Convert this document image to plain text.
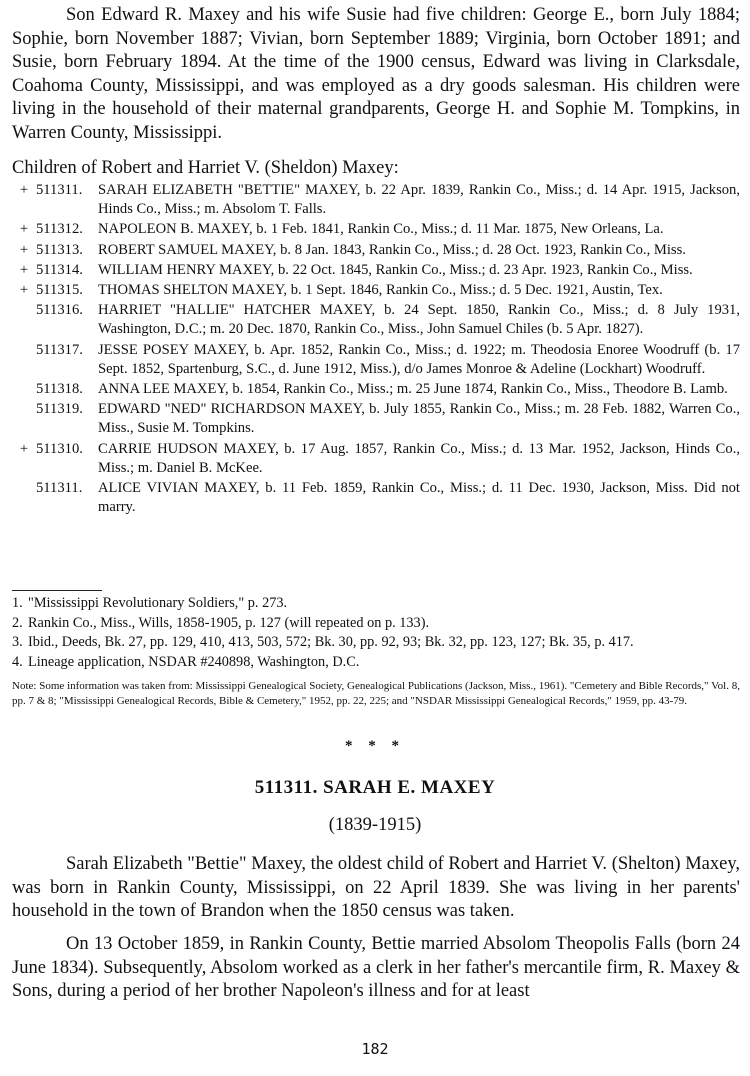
Son Edward R. Maxey and his wife Susie had five children: George E., born July 1884; Sophie, born November 1887; Vivian, born September 1889; Virginia, born October 1891; and Susie, born February 1894. At the time of the 1900 census, Edward was living in Clarksdale, Coahoma County, Mississippi, and was employed as a dry goods salesman. His children were living in the household of their maternal grandparents, George H. and Sophie M. Tompkins, in Warren County, Mississippi.

Children of Robert and Harriet V. (Sheldon) Maxey:

+ 511311.	SARAH ELIZABETH "BETTIE" MAXEY, b. 22 Apr. 1839, Rankin Co., Miss.; d. 14 Apr. 1915, Jackson, Hinds Co., Miss.; m. Absolom T. Falls.
+ 511312.	NAPOLEON B. MAXEY, b. 1 Feb. 1841, Rankin Co., Miss.; d. 11 Mar. 1875, New Orleans, La.
+ 511313.	ROBERT SAMUEL MAXEY, b. 8 Jan. 1843, Rankin Co., Miss.; d. 28 Oct. 1923, Rankin Co., Miss.
+ 511314.	WILLIAM HENRY MAXEY, b. 22 Oct. 1845, Rankin Co., Miss.; d. 23 Apr. 1923, Rankin Co., Miss.
+ 511315.	THOMAS SHELTON MAXEY, b. 1 Sept. 1846, Rankin Co., Miss.; d. 5 Dec. 1921, Austin, Tex.
511316.	HARRIET "HALLIE" HATCHER MAXEY, b. 24 Sept. 1850, Rankin Co., Miss.; d. 8 July 1931, Washington, D.C.; m. 20 Dec. 1870, Rankin Co., Miss., John Samuel Chiles (b. 5 Apr. 1827).
511317.	JESSE POSEY MAXEY, b. Apr. 1852, Rankin Co., Miss.; d. 1922; m. Theodosia Enoree Woodruff (b. 17 Sept. 1852, Spartenburg, S.C., d. June 1912, Miss.), d/o James Monroe & Adeline (Lockhart) Woodruff.
511318.	ANNA LEE MAXEY, b. 1854, Rankin Co., Miss.; m. 25 June 1874, Rankin Co., Miss., Theodore B. Lamb.
511319.	EDWARD "NED" RICHARDSON MAXEY, b. July 1855, Rankin Co., Miss.; m. 28 Feb. 1882, Warren Co., Miss., Susie M. Tompkins.
+ 511310.	CARRIE HUDSON MAXEY, b. 17 Aug. 1857, Rankin Co., Miss.; d. 13 Mar. 1952, Jackson, Hinds Co., Miss.; m. Daniel B. McKee.
511311.	ALICE VIVIAN MAXEY, b. 11 Feb. 1859, Rankin Co., Miss.; d. 11 Dec. 1930, Jackson, Miss. Did not marry.
1. "Mississippi Revolutionary Soldiers," p. 273.
2. Rankin Co., Miss., Wills, 1858-1905, p. 127 (will repeated on p. 133).
3. Ibid., Deeds, Bk. 27, pp. 129, 410, 413, 503, 572; Bk. 30, pp. 92, 93; Bk. 32, pp. 123, 127; Bk. 35, p. 417.
4. Lineage application, NSDAR #240898, Washington, D.C.

Note: Some information was taken from: Mississippi Genealogical Society, Genealogical Publications (Jackson, Miss., 1961). "Cemetery and Bible Records," Vol. 8, pp. 7 & 8; "Mississippi Genealogical Records, Bible & Cemetery," 1952, pp. 22, 225; and "NSDAR Mississippi Genealogical Records," 1959, pp. 43-79.

* * *

511311. SARAH E. MAXEY

(1839-1915)

Sarah Elizabeth "Bettie" Maxey, the oldest child of Robert and Harriet V. (Shelton) Maxey, was born in Rankin County, Mississippi, on 22 April 1839. She was living in her parents' household in the town of Brandon when the 1850 census was taken.

On 13 October 1859, in Rankin County, Bettie married Absolom Theopolis Falls (born 24 June 1834). Subsequently, Absolom worked as a clerk in her father's mercantile firm, R. Maxey & Sons, during a period of her brother Napoleon's illness and for at least

182
